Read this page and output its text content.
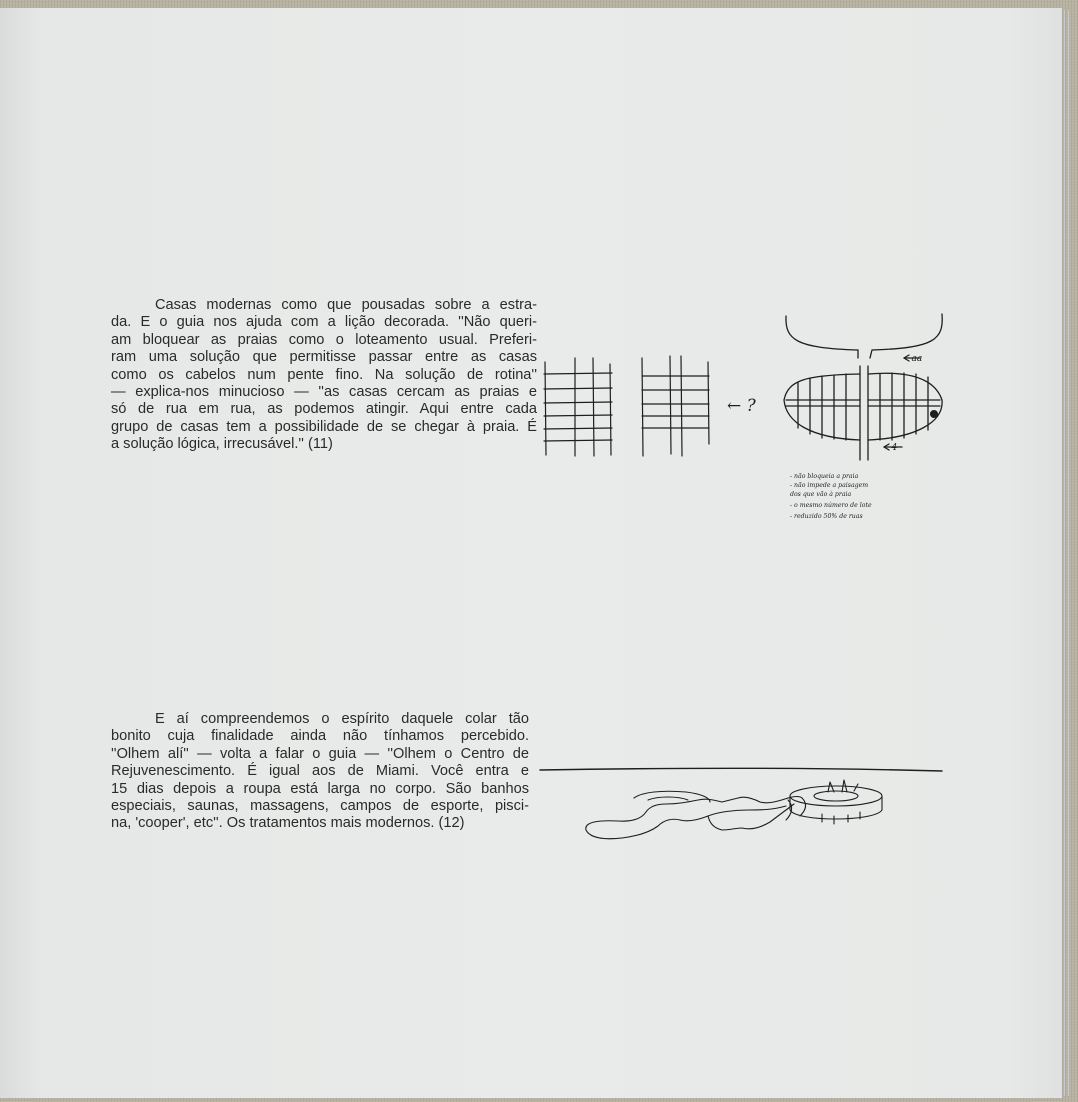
Casas modernas como que pousadas sobre a estra-
da. E o guia nos ajuda com a lição decorada. ''Não queri-
am bloquear as praias como o loteamento usual. Preferi-
ram uma solução que permitisse passar entre as casas
como os cabelos num pente fino. Na solução de rotina''
— explica-nos minucioso — ''as casas cercam as praias e
só de rua em rua, as podemos atingir. Aqui entre cada
grupo de casas tem a possibilidade de se chegar à praia. É
a solução lógica, irrecusável.'' (11)

E aí compreendemos o espírito daquele colar tão
bonito cuja finalidade ainda não tínhamos percebido.
''Olhem alí'' — volta a falar o guia — ''Olhem o Centro de
Rejuvenescimento. É igual aos de Miami. Você entra e
15 dias depois a roupa está larga no corpo. São banhos
especiais, saunas, massagens, campos de esporte, pisci-
na, 'cooper', etc''. Os tratamentos mais modernos. (12)

← ?
←aa
←4
- não bloqueia a praia
- não impede a paisagem
dos que vão à praia
- o mesmo número de lote
- reduzido 50% de ruas
